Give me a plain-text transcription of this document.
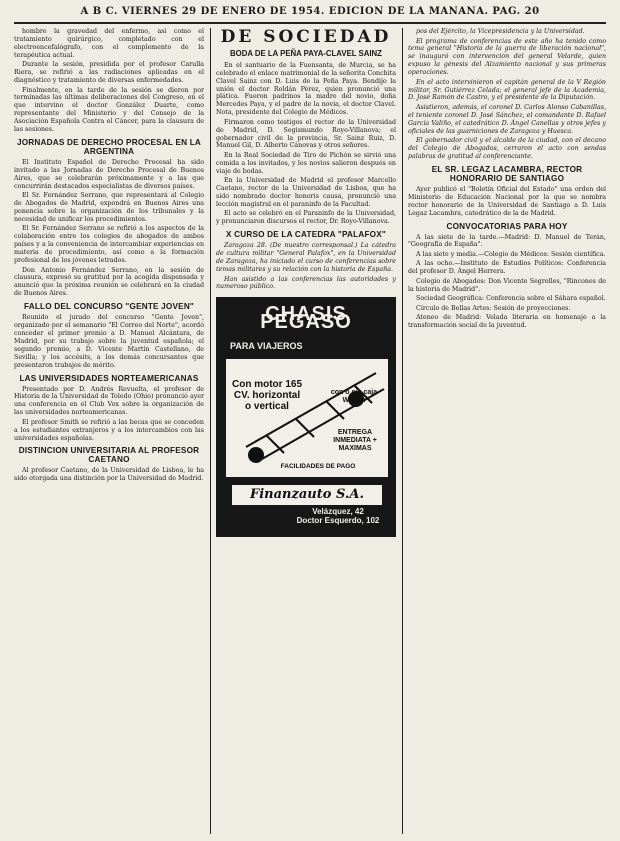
A B C. VIERNES 29 DE ENERO DE 1954. EDICION DE LA MAÑANA. PAG. 20

hombre la gravedad del enfermo, así como el tratamiento quirúrgico, completado con el electroencefalógrafo, con el complemento de la terapéutica actual.

Durante la sesión, presidida por el profesor Carulla Riera, se refirió a las radiaciones aplicadas en el diagnóstico y tratamiento de diversas enfermedades.

Finalmente, en la tarde de la sesión se dieron por terminadas las últimas deliberaciones del Congreso, en el que intervino el doctor González Duarte, como representante del Ministerio y del Consejo de la Asociación Española Contra el Cáncer, para la clausura de las sesiones.

JORNADAS DE DERECHO PROCESAL EN LA ARGENTINA

El Instituto Español de Derecho Procesal ha sido invitado a las Jornadas de Derecho Procesal de Buenos Aires, que se celebrarán próximamente y a las que concurrirán destacados especialistas de diversos países.

El Sr. Fernández Serrano, que representará al Colegio de Abogados de Madrid, expondrá en Buenos Aires una ponencia sobre la organización de los tribunales y la necesidad de unificar los procedimientos.

El Sr. Fernández Serrano se refirió a los aspectos de la colaboración entre los colegios de abogados de ambos países y a la conveniencia de intercambiar experiencias en materia de procedimiento, así como a la formación profesional de los jóvenes letrados.

Don Antonio Fernández Serrano, en la sesión de clausura, expresó su gratitud por la acogida dispensada y anunció que la próxima reunión se celebrará en la ciudad de Buenos Aires.

FALLO DEL CONCURSO "GENTE JOVEN"

Reunido el jurado del concurso "Gente Joven", organizado por el semanario "El Correo del Norte", acordó conceder el primer premio a D. Manuel Alcántara, de Madrid, por su trabajo sobre la juventud española; el segundo premio, a D. Vicente Martín Castellano, de Sevilla; y los accésits, a los demás concursantes que presentaron trabajos de mérito.

LAS UNIVERSIDADES NORTEAMERICANAS

Presentado por D. Andrés Revuelta, el profesor de Historia de la Universidad de Toledo (Ohio) pronunció ayer una conferencia en el Club Vox sobre la organización de las universidades norteamericanas.

El profesor Smith se refirió a las becas que se conceden a los estudiantes extranjeros y a los intercambios con las universidades españolas.

DISTINCION UNIVERSITARIA AL PROFESOR CAETANO

Al profesor Caetano, de la Universidad de Lisboa, le ha sido otorgada una distinción por la Universidad de Madrid.

DE SOCIEDAD
BODA DE LA PEÑA PAYA-CLAVEL SAINZ

En el santuario de la Fuensanta, de Murcia, se ha celebrado el enlace matrimonial de la señorita Conchita Clavel Sainz con D. Luis de la Peña Paya. Bendijo la unión el doctor Roldán Pérez, quien pronunció una plática. Fueron padrinos la madre del novio, doña Mercedes Paya, y el padre de la novia, el doctor Clavel. Nota, presidente del Colegio de Médicos.

Firmaron como testigos el rector de la Universidad de Madrid, D. Segismundo Royo-Villanova; el gobernador civil de la provincia, Sr. Sainz Ruiz, D. Manuel Gil, D. Alberto Cánovas y otros señores.

En la Real Sociedad de Tiro de Pichón se sirvió una comida a los invitados, y los novios salieron después en viaje de bodas.

En la Universidad de Madrid el profesor Marcello Caetano, rector de la Universidad de Lisboa, que ha sido nombrado doctor honoris causa, pronunció una lección magistral en el paraninfo de la Facultad.

El acto se celebró en el Paraninfo de la Universidad, y pronunciaron discursos el rector, Dr. Royo-Villanova.

X CURSO DE LA CATEDRA "PALAFOX"

Zaragoza 28. (De nuestro corresponsal.) La cátedra de cultura militar "General Palafox", en la Universidad de Zaragoza, ha iniciado el curso de conferencias sobre temas militares y su relación con la historia de España.

Han asistido a las conferencias las autoridades y numeroso público.

CHASIS PEGASO
PARA VIAJEROS
Con motor 165 CV. horizontal o vertical
con o sin caja Wilson
ENTREGA INMEDIATA + MAXIMAS
FACILIDADES DE PAGO
Finanzauto S.A.
Velázquez, 42
Doctor Esquerdo, 102

pos del Ejército, la Vicepresidencia y la Universidad.

El programa de conferencias de este año ha tenido como tema general "Historia de la guerra de liberación nacional", se inauguró con intervención del general Velarde, quien expuso la génesis del Alzamiento nacional y sus primeras operaciones.

En el acto intervinieron el capitán general de la V Región militar, Sr. Gutiérrez Celada; el general jefe de la Academia, D. José Ramón de Castro, y el presidente de la Diputación.

Asistieron, además, el coronel D. Carlos Alonso Cabanillas, el teniente coronel D. José Sánchez, el comandante D. Rafael García Valiño, el catedrático D. Ángel Canellas y otros jefes y oficiales de las guarniciones de Zaragoza y Huesca.

El gobernador civil y el alcalde de la ciudad, con el decano del Colegio de Abogados, cerraron el acto con sendas palabras de gratitud al conferenciante.

EL SR. LEGAZ LACAMBRA, RECTOR HONORARIO DE SANTIAGO

Ayer publicó el "Boletín Oficial del Estado" una orden del Ministerio de Educación Nacional por la que se nombra rector honorario de la Universidad de Santiago a D. Luis Legaz Lacambra, catedrático de la de Madrid.

CONVOCATORIAS PARA HOY

A las siete de la tarde.—Madrid: D. Manuel de Terán, "Geografía de España".

A las siete y media.—Colegio de Médicos: Sesión científica.

A las ocho.—Instituto de Estudios Políticos: Conferencia del profesor D. Ángel Herrera.

Colegio de Abogados: Don Vicente Segrelles, "Rincones de la historia de Madrid".

Sociedad Geográfica: Conferencia sobre el Sáhara español.

Círculo de Bellas Artes: Sesión de proyecciones.

Ateneo de Madrid: Velada literaria en homenaje a la transformación social de la juventud.
